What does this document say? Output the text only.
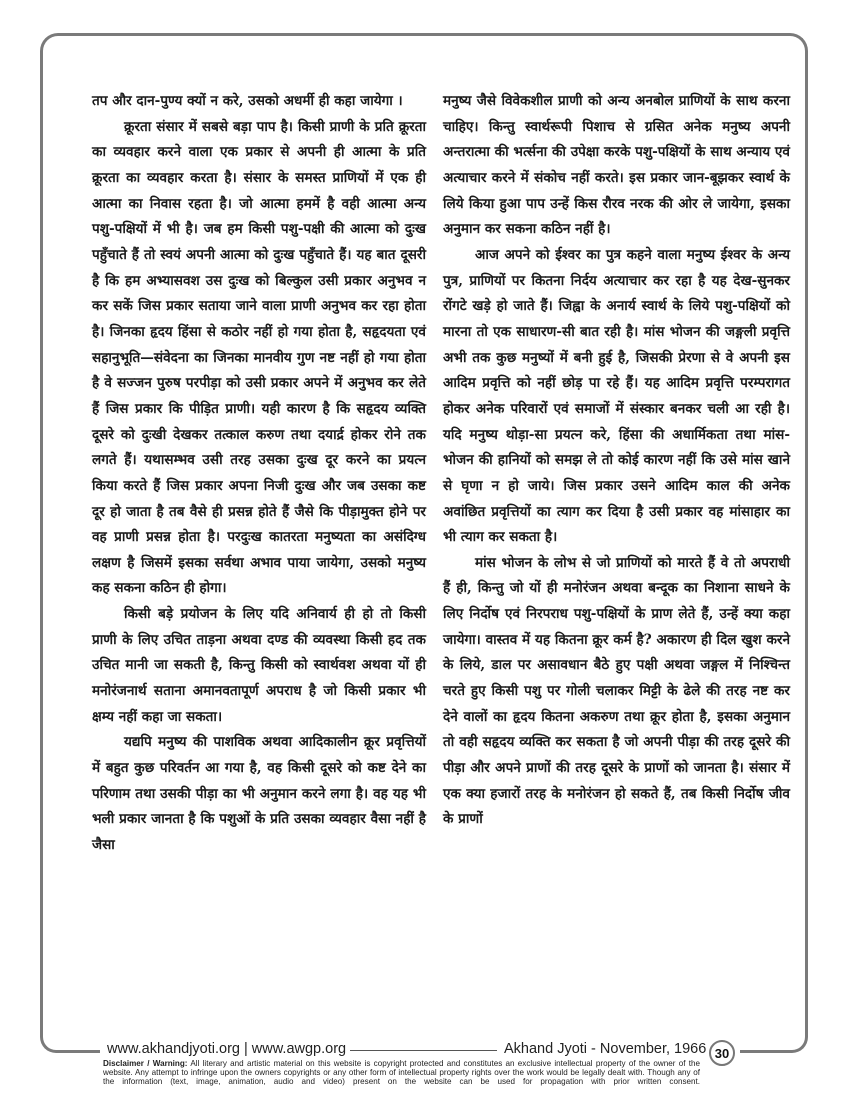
तप और दान-पुण्य क्यों न करे, उसको अधर्मी ही कहा जायेगा ।

क्रूरता संसार में सबसे बड़ा पाप है। किसी प्राणी के प्रति क्रूरता का व्यवहार करने वाला एक प्रकार से अपनी ही आत्मा के प्रति क्रूरता का व्यवहार करता है। संसार के समस्त प्राणियों में एक ही आत्मा का निवास रहता है। जो आत्मा हममें है वही आत्मा अन्य पशु-पक्षियों में भी है। जब हम किसी पशु-पक्षी की आत्मा को दुःख पहुँचाते हैं तो स्वयं अपनी आत्मा को दुःख पहुँचाते हैं। यह बात दूसरी है कि हम अभ्यासवश उस दुःख को बिल्कुल उसी प्रकार अनुभव न कर सकें जिस प्रकार सताया जाने वाला प्राणी अनुभव कर रहा होता है। जिनका हृदय हिंसा से कठोर नहीं हो गया होता है, सहृदयता एवं सहानुभूति—संवेदना का जिनका मानवीय गुण नष्ट नहीं हो गया होता है वे सज्जन पुरुष परपीड़ा को उसी प्रकार अपने में अनुभव कर लेते हैं जिस प्रकार कि पीड़ित प्राणी। यही कारण है कि सहृदय व्यक्ति दूसरे को दुःखी देखकर तत्काल करुण तथा दयार्द्र होकर रोने तक लगते हैं। यथासम्भव उसी तरह उसका दुःख दूर करने का प्रयत्न किया करते हैं जिस प्रकार अपना निजी दुःख और जब उसका कष्ट दूर हो जाता है तब वैसे ही प्रसन्न होते हैं जैसे कि पीड़ामुक्त होने पर वह प्राणी प्रसन्न होता है। परदुःख कातरता मनुष्यता का असंदिग्ध लक्षण है जिसमें इसका सर्वथा अभाव पाया जायेगा, उसको मनुष्य कह सकना कठिन ही होगा।

किसी बड़े प्रयोजन के लिए यदि अनिवार्य ही हो तो किसी प्राणी के लिए उचित ताड़ना अथवा दण्ड की व्यवस्था किसी हद तक उचित मानी जा सकती है, किन्तु किसी को स्वार्थवश अथवा यों ही मनोरंजनार्थ सताना अमानवतापूर्ण अपराध है जो किसी प्रकार भी क्षम्य नहीं कहा जा सकता।

यद्यपि मनुष्य की पाशविक अथवा आदिकालीन क्रूर प्रवृत्तियों में बहुत कुछ परिवर्तन आ गया है, वह किसी दूसरे को कष्ट देने का परिणाम तथा उसकी पीड़ा का भी अनुमान करने लगा है। वह यह भी भली प्रकार जानता है कि पशुओं के प्रति उसका व्यवहार वैसा नहीं है जैसा

मनुष्य जैसे विवेकशील प्राणी को अन्य अनबोल प्राणियों के साथ करना चाहिए। किन्तु स्वार्थरूपी पिशाच से ग्रसित अनेक मनुष्य अपनी अन्तरात्मा की भर्त्सना की उपेक्षा करके पशु-पक्षियों के साथ अन्याय एवं अत्याचार करने में संकोच नहीं करते। इस प्रकार जान-बूझकर स्वार्थ के लिये किया हुआ पाप उन्हें किस रौरव नरक की ओर ले जायेगा, इसका अनुमान कर सकना कठिन नहीं है।

आज अपने को ईश्वर का पुत्र कहने वाला मनुष्य ईश्वर के अन्य पुत्र, प्राणियों पर कितना निर्दय अत्याचार कर रहा है यह देख-सुनकर रोंगटे खड़े हो जाते हैं। जिह्वा के अनार्य स्वार्थ के लिये पशु-पक्षियों को मारना तो एक साधारण-सी बात रही है। मांस भोजन की जङ्गली प्रवृत्ति अभी तक कुछ मनुष्यों में बनी हुई है, जिसकी प्रेरणा से वे अपनी इस आदिम प्रवृत्ति को नहीं छोड़ पा रहे हैं। यह आदिम प्रवृत्ति परम्परागत होकर अनेक परिवारों एवं समाजों में संस्कार बनकर चली आ रही है। यदि मनुष्य थोड़ा-सा प्रयत्न करे, हिंसा की अधार्मिकता तथा मांस-भोजन की हानियों को समझ ले तो कोई कारण नहीं कि उसे मांस खाने से घृणा न हो जाये। जिस प्रकार उसने आदिम काल की अनेक अवांछित प्रवृत्तियों का त्याग कर दिया है उसी प्रकार वह मांसाहार का भी त्याग कर सकता है।

मांस भोजन के लोभ से जो प्राणियों को मारते हैं वे तो अपराधी हैं ही, किन्तु जो यों ही मनोरंजन अथवा बन्दूक का निशाना साधने के लिए निर्दोष एवं निरपराध पशु-पक्षियों के प्राण लेते हैं, उन्हें क्या कहा जायेगा। वास्तव में यह कितना क्रूर कर्म है? अकारण ही दिल खुश करने के लिये, डाल पर असावधान बैठे हुए पक्षी अथवा जङ्गल में निश्चिन्त चरते हुए किसी पशु पर गोली चलाकर मिट्टी के ढेले की तरह नष्ट कर देने वालों का हृदय कितना अकरुण तथा क्रूर होता है, इसका अनुमान तो वही सहृदय व्यक्ति कर सकता है जो अपनी पीड़ा की तरह दूसरे की पीड़ा और अपने प्राणों की तरह दूसरे के प्राणों को जानता है। संसार में एक क्या हजारों तरह के मनोरंजन हो सकते हैं, तब किसी निर्दोष जीव के प्राणों

www.akhandjyoti.org | www.awgp.org	Akhand Jyoti - November, 1966 30
Disclaimer / Warning: All literary and artistic material on this website is copyright protected and constitutes an exclusive intellectual property of the owner of the website. Any attempt to infringe upon the owners copyrights or any other form of intellectual property rights over the work would be legally dealt with. Though any of the information (text, image, animation, audio and video) present on the website can be used for propagation with prior written consent.
